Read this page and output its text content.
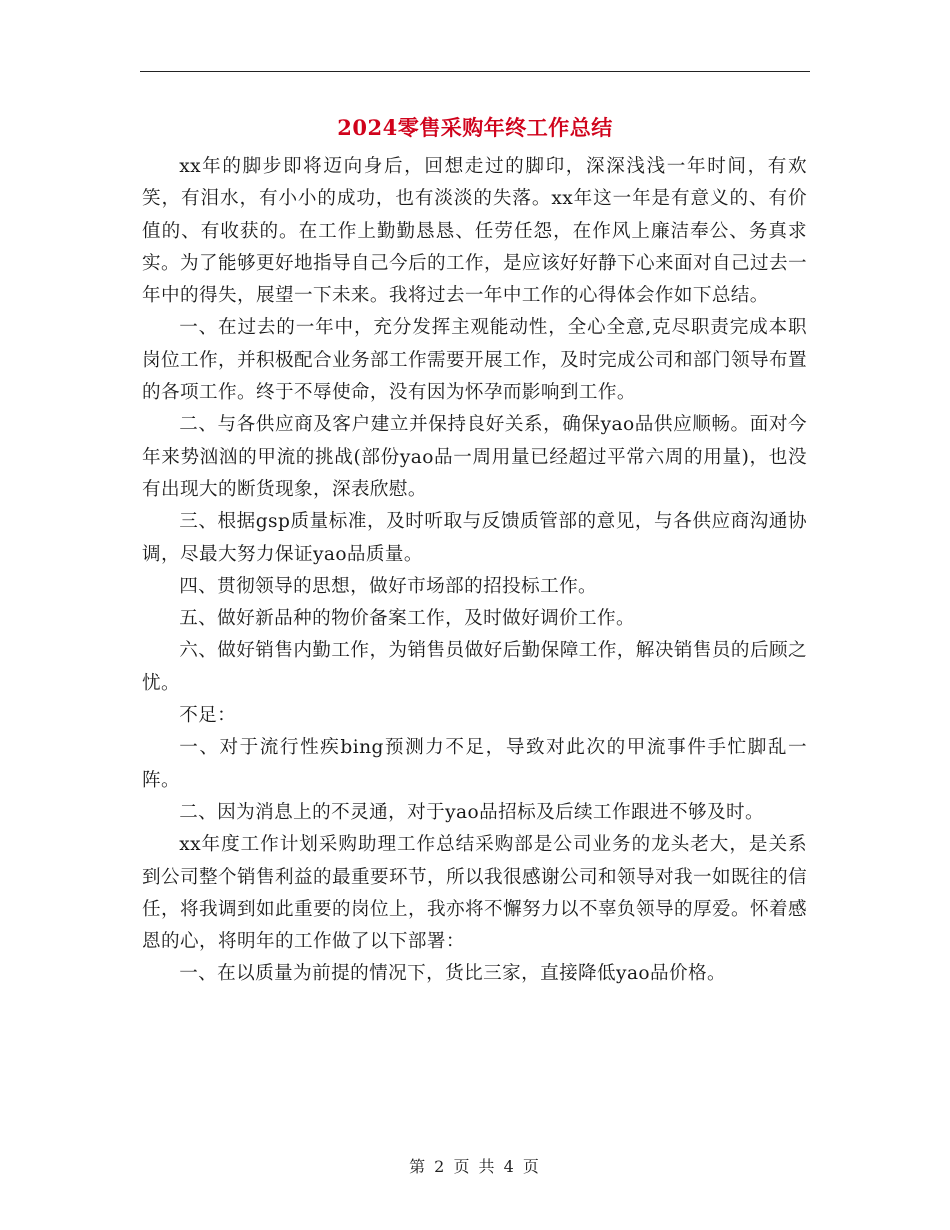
2024零售采购年终工作总结

xx年的脚步即将迈向身后，回想走过的脚印，深深浅浅一年时间，有欢笑，有泪水，有小小的成功，也有淡淡的失落。xx年这一年是有意义的、有价值的、有收获的。在工作上勤勤恳恳、任劳任怨，在作风上廉洁奉公、务真求实。为了能够更好地指导自己今后的工作，是应该好好静下心来面对自己过去一年中的得失，展望一下未来。我将过去一年中工作的心得体会作如下总结。

一、在过去的一年中，充分发挥主观能动性，全心全意,克尽职责完成本职岗位工作，并积极配合业务部工作需要开展工作，及时完成公司和部门领导布置的各项工作。终于不辱使命，没有因为怀孕而影响到工作。

二、与各供应商及客户建立并保持良好关系，确保yao品供应顺畅。面对今年来势汹汹的甲流的挑战(部份yao品一周用量已经超过平常六周的用量)，也没有出现大的断货现象，深表欣慰。

三、根据gsp质量标准，及时听取与反馈质管部的意见，与各供应商沟通协调，尽最大努力保证yao品质量。

四、贯彻领导的思想，做好市场部的招投标工作。

五、做好新品种的物价备案工作，及时做好调价工作。

六、做好销售内勤工作，为销售员做好后勤保障工作，解决销售员的后顾之忧。

不足：

一、对于流行性疾bing预测力不足，导致对此次的甲流事件手忙脚乱一阵。

二、因为消息上的不灵通，对于yao品招标及后续工作跟进不够及时。

xx年度工作计划采购助理工作总结采购部是公司业务的龙头老大，是关系到公司整个销售利益的最重要环节，所以我很感谢公司和领导对我一如既往的信任，将我调到如此重要的岗位上，我亦将不懈努力以不辜负领导的厚爱。怀着感恩的心，将明年的工作做了以下部署：

一、在以质量为前提的情况下，货比三家，直接降低yao品价格。

第 2 页 共 4 页
